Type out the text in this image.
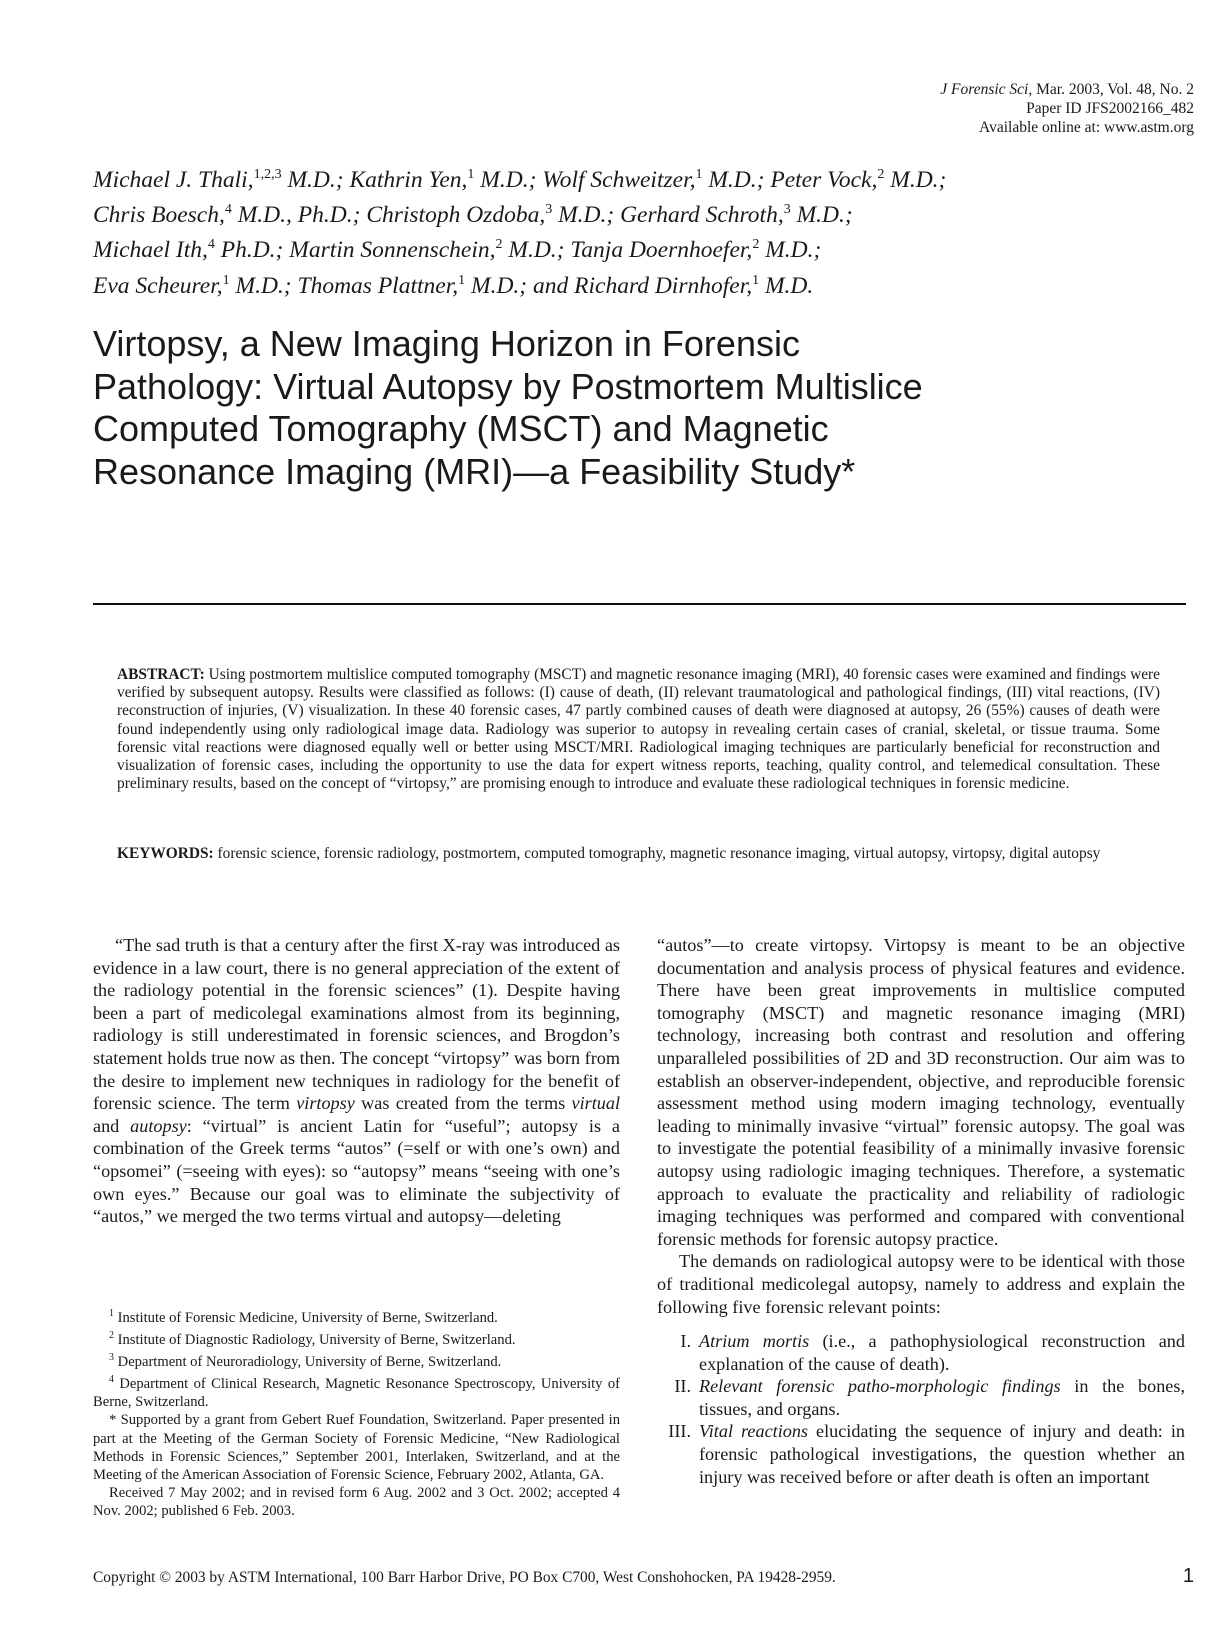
J Forensic Sci, Mar. 2003, Vol. 48, No. 2
Paper ID JFS2002166_482
Available online at: www.astm.org
Michael J. Thali,$^{1,2,3}$ M.D.; Kathrin Yen,$^1$ M.D.; Wolf Schweitzer,$^1$ M.D.; Peter Vock,$^2$ M.D.;
Chris Boesch,$^4$ M.D., Ph.D.; Christoph Ozdoba,$^3$ M.D.; Gerhard Schroth,$^3$ M.D.;
Michael Ith,$^4$ Ph.D.; Martin Sonnenschein,$^2$ M.D.; Tanja Doernhoefer,$^2$ M.D.;
Eva Scheurer,$^1$ M.D.; Thomas Plattner,$^1$ M.D.; and Richard Dirnhofer,$^1$ M.D.
Virtopsy, a New Imaging Horizon in Forensic Pathology: Virtual Autopsy by Postmortem Multislice Computed Tomography (MSCT) and Magnetic Resonance Imaging (MRI)—a Feasibility Study*

ABSTRACT: Using postmortem multislice computed tomography (MSCT) and magnetic resonance imaging (MRI), 40 forensic cases were examined and findings were verified by subsequent autopsy. Results were classified as follows: (I) cause of death, (II) relevant traumatological and pathological findings, (III) vital reactions, (IV) reconstruction of injuries, (V) visualization. In these 40 forensic cases, 47 partly combined causes of death were diagnosed at autopsy, 26 (55%) causes of death were found independently using only radiological image data. Radiology was superior to autopsy in revealing certain cases of cranial, skeletal, or tissue trauma. Some forensic vital reactions were diagnosed equally well or better using MSCT/MRI. Radiological imaging techniques are particularly beneficial for reconstruction and visualization of forensic cases, including the opportunity to use the data for expert witness reports, teaching, quality control, and telemedical consultation. These preliminary results, based on the concept of “virtopsy,” are promising enough to introduce and evaluate these radiological techniques in forensic medicine.

KEYWORDS: forensic science, forensic radiology, postmortem, computed tomography, magnetic resonance imaging, virtual autopsy, virtopsy, digital autopsy

“The sad truth is that a century after the first X-ray was introduced as evidence in a law court, there is no general appreciation of the extent of the radiology potential in the forensic sciences” (1). Despite having been a part of medicolegal examinations almost from its beginning, radiology is still underestimated in forensic sciences, and Brogdon’s statement holds true now as then. The concept “virtopsy” was born from the desire to implement new techniques in radiology for the benefit of forensic science. The term virtopsy was created from the terms virtual and autopsy: “virtual” is ancient Latin for “useful”; autopsy is a combination of the Greek terms “autos” (=self or with one’s own) and “opsomei” (=seeing with eyes): so “autopsy” means “seeing with one’s own eyes.” Because our goal was to eliminate the subjectivity of “autos,” we merged the two terms virtual and autopsy—deleting

$^1$ Institute of Forensic Medicine, University of Berne, Switzerland.

$^2$ Institute of Diagnostic Radiology, University of Berne, Switzerland.

$^3$ Department of Neuroradiology, University of Berne, Switzerland.

$^4$ Department of Clinical Research, Magnetic Resonance Spectroscopy, University of Berne, Switzerland.

* Supported by a grant from Gebert Ruef Foundation, Switzerland. Paper presented in part at the Meeting of the German Society of Forensic Medicine, “New Radiological Methods in Forensic Sciences,” September 2001, Interlaken, Switzerland, and at the Meeting of the American Association of Forensic Science, February 2002, Atlanta, GA.

Received 7 May 2002; and in revised form 6 Aug. 2002 and 3 Oct. 2002; accepted 4 Nov. 2002; published 6 Feb. 2003.

“autos”—to create virtopsy. Virtopsy is meant to be an objective documentation and analysis process of physical features and evidence. There have been great improvements in multislice computed tomography (MSCT) and magnetic resonance imaging (MRI) technology, increasing both contrast and resolution and offering unparalleled possibilities of 2D and 3D reconstruction. Our aim was to establish an observer-independent, objective, and reproducible forensic assessment method using modern imaging technology, eventually leading to minimally invasive “virtual” forensic autopsy. The goal was to investigate the potential feasibility of a minimally invasive forensic autopsy using radiologic imaging techniques. Therefore, a systematic approach to evaluate the practicality and reliability of radiologic imaging techniques was performed and compared with conventional forensic methods for forensic autopsy practice.

The demands on radiological autopsy were to be identical with those of traditional medicolegal autopsy, namely to address and explain the following five forensic relevant points:

I. Atrium mortis (i.e., a pathophysiological reconstruction and explanation of the cause of death).
II. Relevant forensic patho-morphologic findings in the bones, tissues, and organs.
III. Vital reactions elucidating the sequence of injury and death: in forensic pathological investigations, the question whether an injury was received before or after death is often an important
Copyright © 2003 by ASTM International, 100 Barr Harbor Drive, PO Box C700, West Conshohocken, PA 19428-2959.	1
